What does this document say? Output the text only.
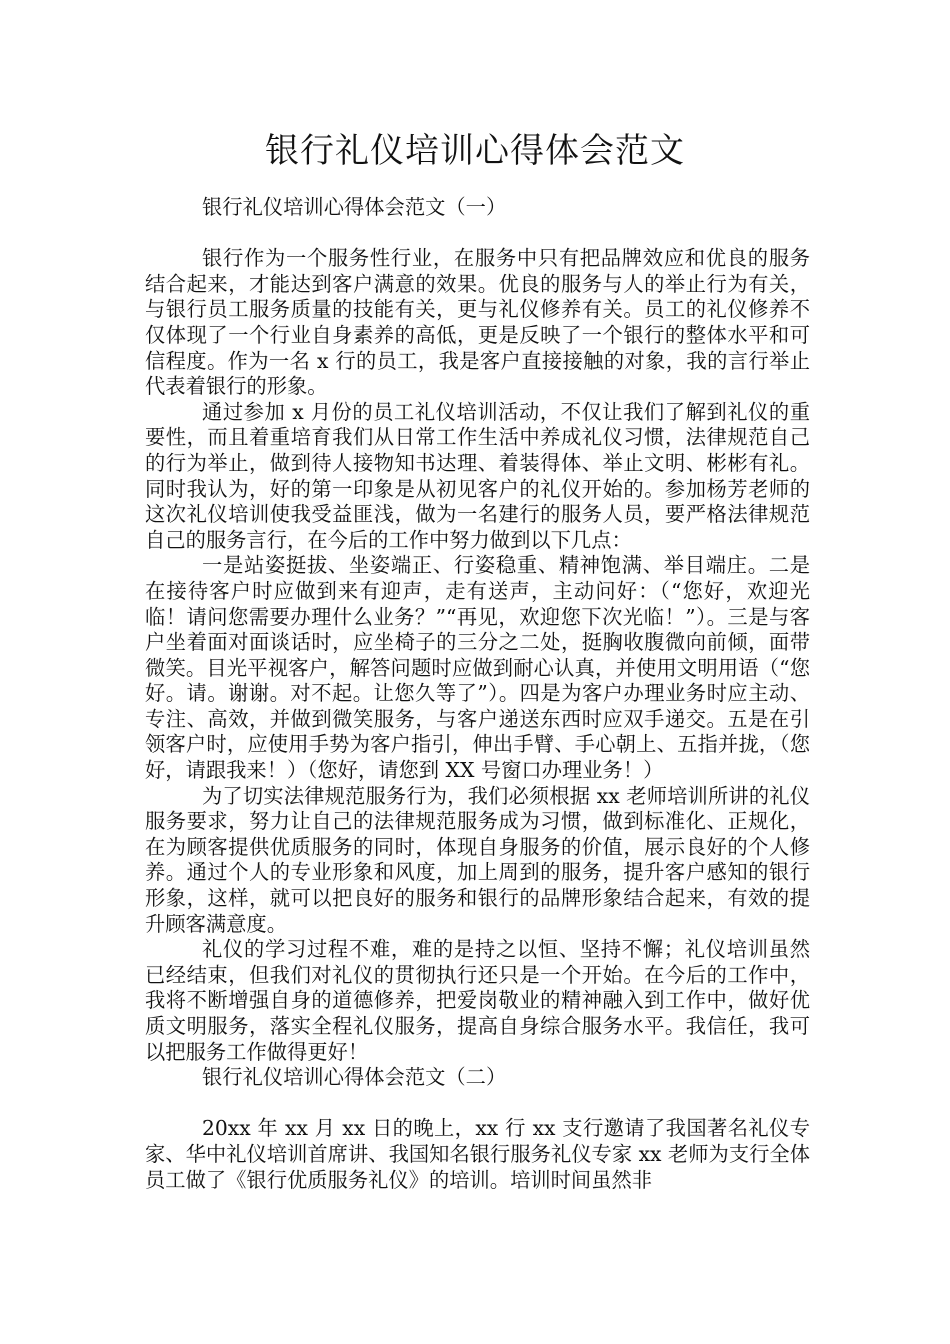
银行礼仪培训心得体会范文

银行礼仪培训心得体会范文（一）

银行作为一个服务性行业，在服务中只有把品牌效应和优良的服务结合起来，才能达到客户满意的效果。优良的服务与人的举止行为有关，与银行员工服务质量的技能有关，更与礼仪修养有关。员工的礼仪修养不仅体现了一个行业自身素养的高低，更是反映了一个银行的整体水平和可信程度。作为一名 x 行的员工，我是客户直接接触的对象，我的言行举止代表着银行的形象。

通过参加 x 月份的员工礼仪培训活动，不仅让我们了解到礼仪的重要性，而且着重培育我们从日常工作生活中养成礼仪习惯，法律规范自己的行为举止，做到待人接物知书达理、着装得体、举止文明、彬彬有礼。同时我认为，好的第一印象是从初见客户的礼仪开始的。参加杨芳老师的这次礼仪培训使我受益匪浅，做为一名建行的服务人员，要严格法律规范自己的服务言行，在今后的工作中努力做到以下几点：

一是站姿挺拔、坐姿端正、行姿稳重、精神饱满、举目端庄。二是在接待客户时应做到来有迎声，走有送声，主动问好：（“您好，欢迎光临！请问您需要办理什么业务？”“再见，欢迎您下次光临！”）。三是与客户坐着面对面谈话时，应坐椅子的三分之二处，挺胸收腹微向前倾，面带微笑。目光平视客户，解答问题时应做到耐心认真，并使用文明用语（“您好。请。谢谢。对不起。让您久等了”）。四是为客户办理业务时应主动、专注、高效，并做到微笑服务，与客户递送东西时应双手递交。五是在引领客户时，应使用手势为客户指引，伸出手臂、手心朝上、五指并拢，（您好，请跟我来！）（您好，请您到 XX 号窗口办理业务！）

为了切实法律规范服务行为，我们必须根据 xx 老师培训所讲的礼仪服务要求，努力让自己的法律规范服务成为习惯，做到标准化、正规化，在为顾客提供优质服务的同时，体现自身服务的价值，展示良好的个人修养。通过个人的专业形象和风度，加上周到的服务，提升客户感知的银行形象，这样，就可以把良好的服务和银行的品牌形象结合起来，有效的提升顾客满意度。

礼仪的学习过程不难，难的是持之以恒、坚持不懈；礼仪培训虽然已经结束，但我们对礼仪的贯彻执行还只是一个开始。在今后的工作中，我将不断增强自身的道德修养，把爱岗敬业的精神融入到工作中，做好优质文明服务，落实全程礼仪服务，提高自身综合服务水平。我信任，我可以把服务工作做得更好！

银行礼仪培训心得体会范文（二）

20xx 年 xx 月 xx 日的晚上，xx 行 xx 支行邀请了我国著名礼仪专家、华中礼仪培训首席讲、我国知名银行服务礼仪专家 xx 老师为支行全体员工做了《银行优质服务礼仪》的培训。培训时间虽然非
